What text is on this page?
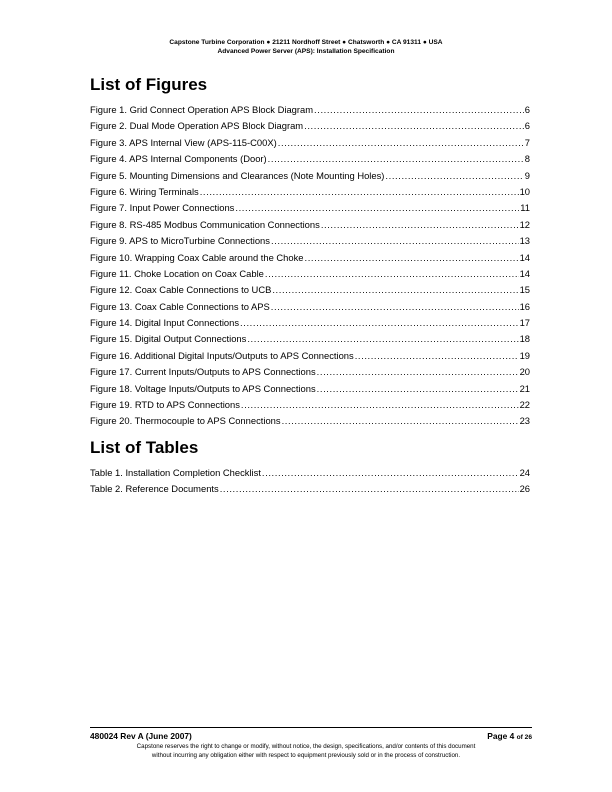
Capstone Turbine Corporation ● 21211 Nordhoff Street ● Chatsworth ● CA 91311 ● USA
Advanced Power Server (APS): Installation Specification
List of Figures
Figure 1. Grid Connect Operation APS Block Diagram .....	6
Figure 2. Dual Mode Operation APS Block Diagram .....	6
Figure 3. APS Internal View (APS-115-C00X) .....	7
Figure 4. APS Internal Components (Door) .....	8
Figure 5. Mounting Dimensions and Clearances (Note Mounting Holes) .....	9
Figure 6. Wiring Terminals .....	10
Figure 7. Input Power Connections .....	11
Figure 8. RS-485 Modbus Communication Connections .....	12
Figure 9. APS to MicroTurbine Connections .....	13
Figure 10. Wrapping Coax Cable around the Choke .....	14
Figure 11. Choke Location on Coax Cable .....	14
Figure 12. Coax Cable Connections to UCB .....	15
Figure 13. Coax Cable Connections to APS .....	16
Figure 14. Digital Input Connections .....	17
Figure 15. Digital Output Connections .....	18
Figure 16. Additional Digital Inputs/Outputs to APS Connections .....	19
Figure 17. Current Inputs/Outputs to APS Connections .....	20
Figure 18. Voltage Inputs/Outputs to APS Connections .....	21
Figure 19. RTD to APS Connections .....	22
Figure 20. Thermocouple to APS Connections .....	23
List of Tables
Table 1. Installation Completion Checklist .....	24
Table 2. Reference Documents .....	26
480024 Rev A (June 2007)	Page 4 of 26
Capstone reserves the right to change or modify, without notice, the design, specifications, and/or contents of this document
without incurring any obligation either with respect to equipment previously sold or in the process of construction.
